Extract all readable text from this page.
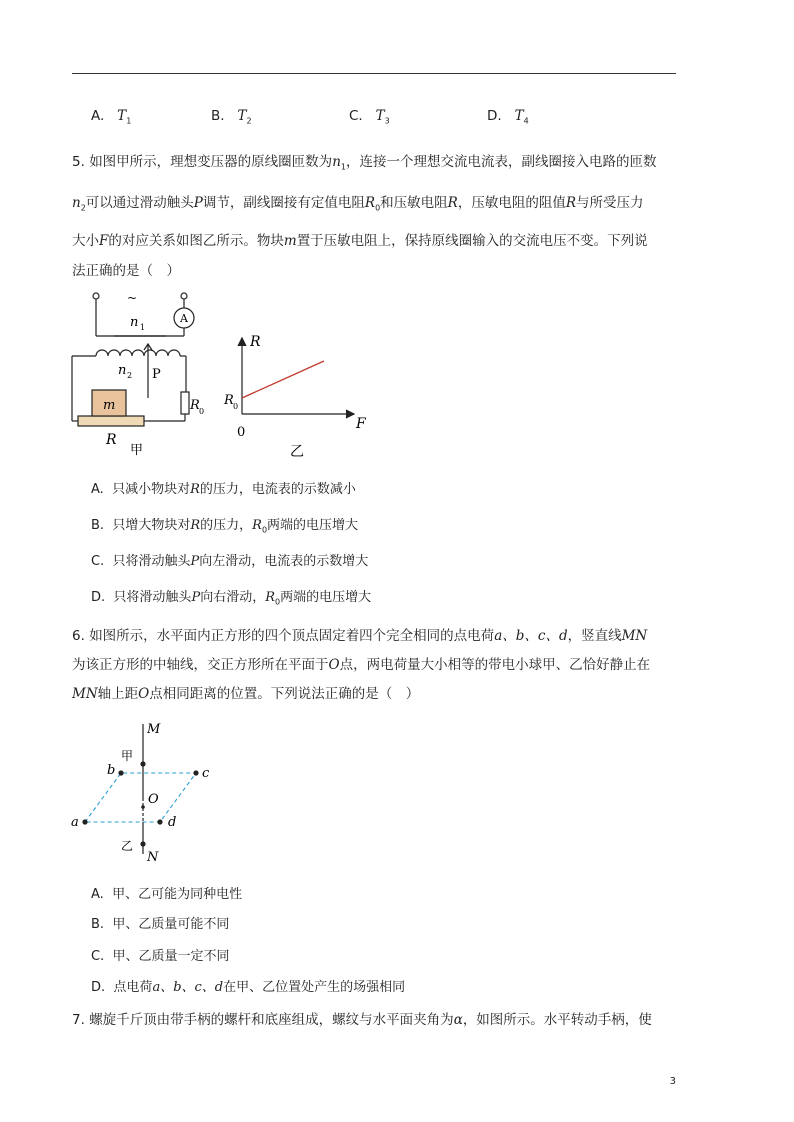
A. $T_1$	B. $T_2$	C. $T_3$	D. $T_4$
5. 如图甲所示，理想变压器的原线圈匝数为$n_1$，连接一个理想交流电流表，副线圈接入电路的匝数
$n_2$可以通过滑动触头P调节，副线圈接有定值电阻$R_0$和压敏电阻R，压敏电阻的阻值R与所受压力
大小F的对应关系如图乙所示。物块m置于压敏电阻上，保持原线圈输入的交流电压不变。下列说
法正确的是（　）
~
n 1
A
n 2 P
R 0
m
R
甲
R
F
R 0
0
乙
A. 只减小物块对R的压力，电流表的示数减小
B. 只增大物块对R的压力，$R_0$两端的电压增大
C. 只将滑动触头P向左滑动，电流表的示数增大
D. 只将滑动触头P向右滑动，$R_0$两端的电压增大
6. 如图所示，水平面内正方形的四个顶点固定着四个完全相同的点电荷a、b、c、d，竖直线MN
为该正方形的中轴线，交正方形所在平面于O点，两电荷量大小相等的带电小球甲、乙恰好静止在
MN轴上距O点相同距离的位置。下列说法正确的是（　）
M
N
O
a
b	c
d
甲
乙
A. 甲、乙可能为同种电性
B. 甲、乙质量可能不同
C. 甲、乙质量一定不同
D. 点电荷a、b、c、d在甲、乙位置处产生的场强相同
7. 螺旋千斤顶由带手柄的螺杆和底座组成，螺纹与水平面夹角为α，如图所示。水平转动手柄，使
3
